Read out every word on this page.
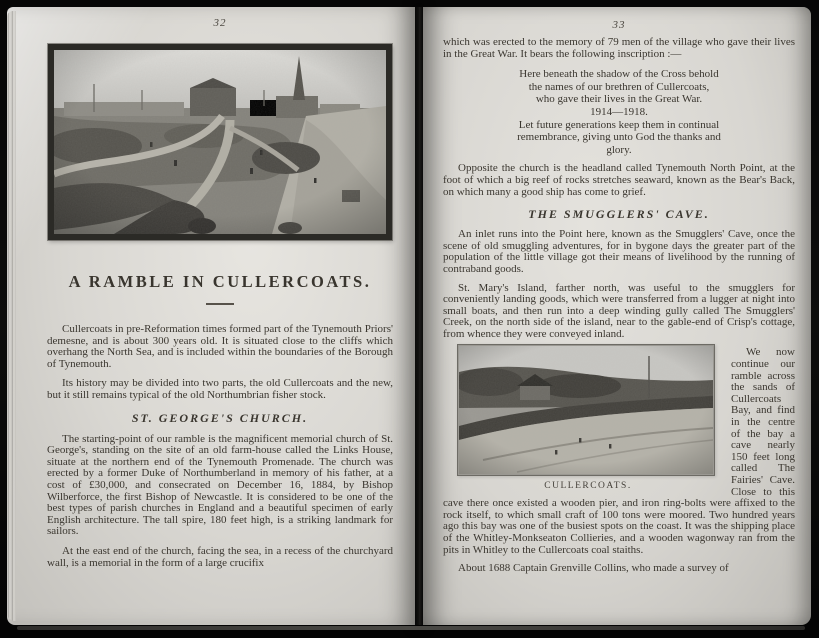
32
A RAMBLE IN CULLERCOATS.

Cullercoats in pre-Reformation times formed part of the Tynemouth Priors' demesne, and is about 300 years old. It is situated close to the cliffs which overhang the North Sea, and is included within the boundaries of the Borough of Tynemouth.

Its history may be divided into two parts, the old Cullercoats and the new, but it still remains typical of the old Northumbrian fisher stock.

ST. GEORGE'S CHURCH.

The starting-point of our ramble is the magnificent memorial church of St. George's, standing on the site of an old farm-house called the Links House, situate at the northern end of the Tynemouth Promenade. The church was erected by a former Duke of Northumberland in memory of his father, at a cost of £30,000, and consecrated on December 16, 1884, by Bishop Wilberforce, the first Bishop of Newcastle. It is considered to be one of the best types of parish churches in England and a beautiful specimen of early English architecture. The tall spire, 180 feet high, is a striking landmark for sailors.

At the east end of the church, facing the sea, in a recess of the churchyard wall, is a memorial in the form of a large crucifix

33

which was erected to the memory of 79 men of the village who gave their lives in the Great War. It bears the following inscription :—

Here beneath the shadow of the Cross behold
the names of our brethren of Cullercoats,
who gave their lives in the Great War.
1914—1918.
Let future generations keep them in continual
remembrance, giving unto God the thanks and
glory.

Opposite the church is the headland called Tynemouth North Point, at the foot of which a big reef of rocks stretches seaward, known as the Bear's Back, on which many a good ship has come to grief.

THE SMUGGLERS' CAVE.

An inlet runs into the Point here, known as the Smugglers' Cave, once the scene of old smuggling adventures, for in bygone days the greater part of the population of the little village got their means of livelihood by the running of contraband goods.

St. Mary's Island, farther north, was useful to the smugglers for conveniently landing goods, which were transferred from a lugger at night into small boats, and then run into a deep winding gully called The Smugglers' Creek, on the north side of the island, near to the gable-end of Crisp's cottage, from whence they were conveyed inland.

CULLERCOATS.

We now continue our ramble across the sands of Cullercoats Bay, and find in the centre of the bay a cave nearly 150 feet long called The Fairies' Cave. Close to this cave there once existed a wooden pier, and iron ring-bolts were affixed to the rock itself, to which small craft of 100 tons were moored. Two hundred years ago this bay was one of the busiest spots on the coast. It was the shipping place of the Whitley-Monkseaton Collieries, and a wooden wagonway ran from the pits in Whitley to the Cullercoats coal staiths.

About 1688 Captain Grenville Collins, who made a survey of
